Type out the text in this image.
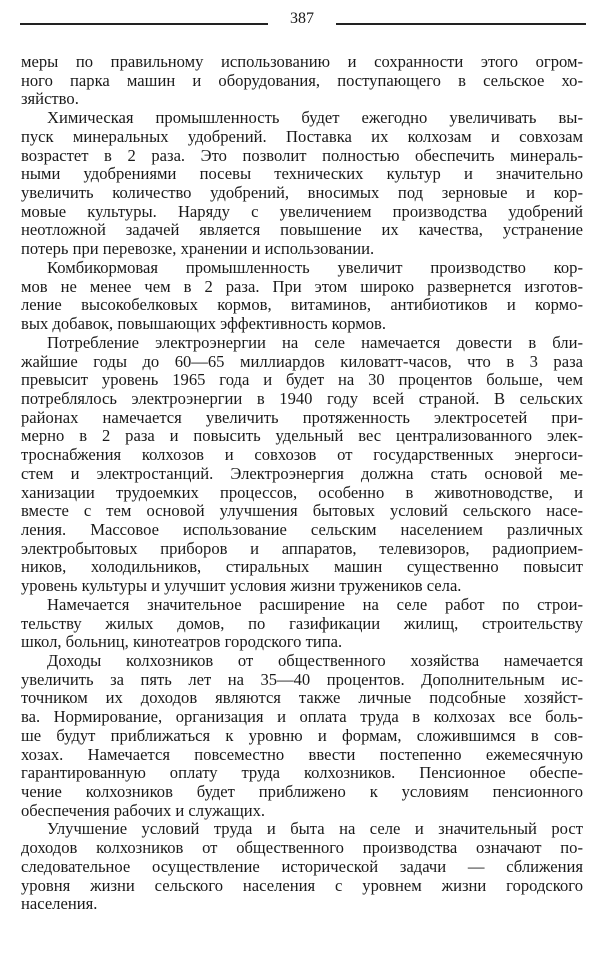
387
меры по правильному использованию и сохранности этого огром-
ного парка машин и оборудования, поступающего в сельское хо-
зяйство.
Химическая промышленность будет ежегодно увеличивать вы-
пуск минеральных удобрений. Поставка их колхозам и совхозам
возрастет в 2 раза. Это позволит полностью обеспечить минераль-
ными удобрениями посевы технических культур и значительно
увеличить количество удобрений, вносимых под зерновые и кор-
мовые культуры. Наряду с увеличением производства удобрений
неотложной задачей является повышение их качества, устранение
потерь при перевозке, хранении и использовании.
Комбикормовая промышленность увеличит производство кор-
мов не менее чем в 2 раза. При этом широко развернется изготов-
ление высокобелковых кормов, витаминов, антибиотиков и кормо-
вых добавок, повышающих эффективность кормов.
Потребление электроэнергии на селе намечается довести в бли-
жайшие годы до 60—65 миллиардов киловатт-часов, что в 3 раза
превысит уровень 1965 года и будет на 30 процентов больше, чем
потреблялось электроэнергии в 1940 году всей страной. В сельских
районах намечается увеличить протяженность электросетей при-
мерно в 2 раза и повысить удельный вес централизованного элек-
троснабжения колхозов и совхозов от государственных энергоси-
стем и электростанций. Электроэнергия должна стать основой ме-
ханизации трудоемких процессов, особенно в животноводстве, и
вместе с тем основой улучшения бытовых условий сельского насе-
ления. Массовое использование сельским населением различных
электробытовых приборов и аппаратов, телевизоров, радиоприем-
ников, холодильников, стиральных машин существенно повысит
уровень культуры и улучшит условия жизни тружеников села.
Намечается значительное расширение на селе работ по строи-
тельству жилых домов, по газификации жилищ, строительству
школ, больниц, кинотеатров городского типа.
Доходы колхозников от общественного хозяйства намечается
увеличить за пять лет на 35—40 процентов. Дополнительным ис-
точником их доходов являются также личные подсобные хозяйст-
ва. Нормирование, организация и оплата труда в колхозах все боль-
ше будут приближаться к уровню и формам, сложившимся в сов-
хозах. Намечается повсеместно ввести постепенно ежемесячную
гарантированную оплату труда колхозников. Пенсионное обеспе-
чение колхозников будет приближено к условиям пенсионного
обеспечения рабочих и служащих.
Улучшение условий труда и быта на селе и значительный рост
доходов колхозников от общественного производства означают по-
следовательное осуществление исторической задачи — сближения
уровня жизни сельского населения с уровнем жизни городского
населения.
